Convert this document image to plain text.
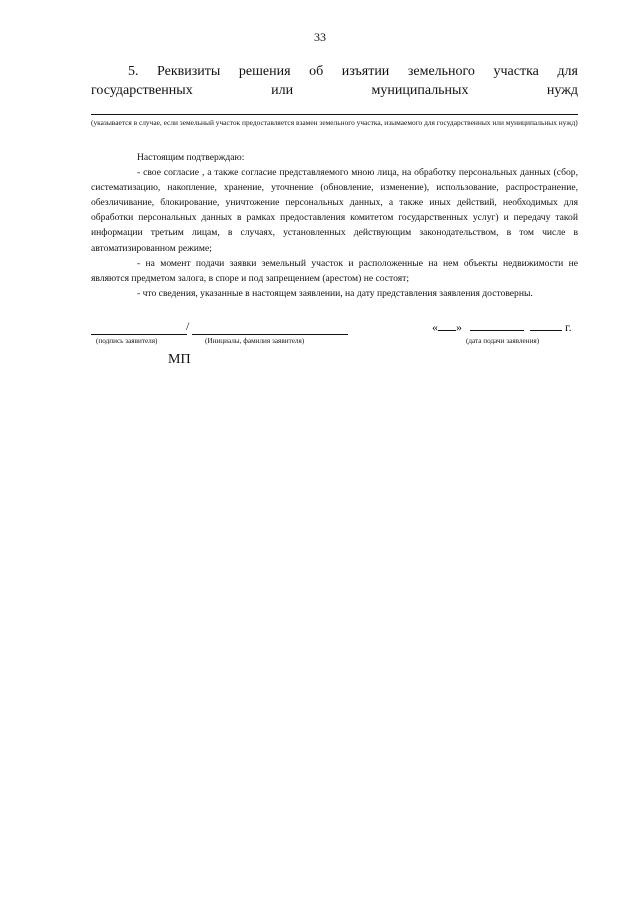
33
5. Реквизиты решения об изъятии земельного участка для
государственных	или	муниципальных	нужд
(указывается в случае, если земельный участок предоставляется взамен земельного участка, изымаемого для государственных или муниципальных нужд)

Настоящим подтверждаю:

- свое согласие , а также согласие представляемого мною лица, на обработку персональных данных (сбор, систематизацию, накопление, хранение, уточнение (обновление, изменение), использование, распространение, обезличивание, блокирование, уничтожение персональных данных, а также иных действий, необходимых для обработки персональных данных в рамках предоставления комитетом государственных услуг) и передачу такой информации третьим лицам, в случаях, установленных действующим законодательством, в том числе в автоматизированном режиме;

- на момент подачи заявки земельный участок и расположенные на нем объекты недвижимости не являются предметом залога, в споре и под запрещением (арестом) не состоят;

- что сведения, указанные в настоящем заявлении, на дату представления заявления достоверны.

/	« »	г.
(подпись заявителя)	(Инициалы, фамилия заявителя)	(дата подачи заявления)
МП
